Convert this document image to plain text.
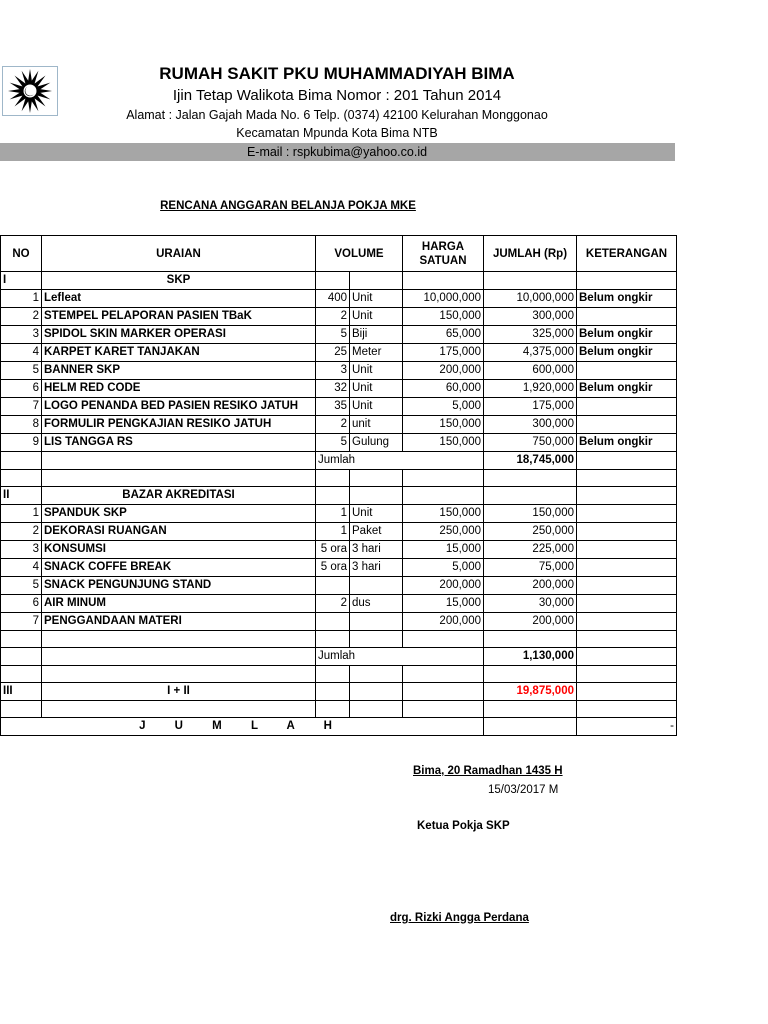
RUMAH SAKIT PKU MUHAMMADIYAH BIMA
Ijin Tetap Walikota Bima Nomor : 201 Tahun 2014
Alamat : Jalan Gajah Mada No. 6 Telp. (0374) 42100 Kelurahan Monggonao
Kecamatan Mpunda Kota Bima NTB
E-mail : rspkubima@yahoo.co.id
RENCANA ANGGARAN BELANJA POKJA MKE
NO	URAIAN	VOLUME		HARGA SATUAN	JUMLAH (Rp)	KETERANGAN
I	SKP					
1	Lefleat	400	Unit	10,000,000	10,000,000	Belum ongkir
2	STEMPEL PELAPORAN PASIEN TBaK	2	Unit	150,000	300,000	
3	SPIDOL SKIN MARKER OPERASI	5	Biji	65,000	325,000	Belum ongkir
4	KARPET KARET TANJAKAN	25	Meter	175,000	4,375,000	Belum ongkir
5	BANNER SKP	3	Unit	200,000	600,000	
6	HELM RED CODE	32	Unit	60,000	1,920,000	Belum ongkir
7	LOGO PENANDA BED PASIEN RESIKO JATUH	35	Unit	5,000	175,000	
8	FORMULIR PENGKAJIAN RESIKO JATUH	2	unit	150,000	300,000	
9	LIS TANGGA RS	5	Gulung	150,000	750,000	Belum ongkir
		Jumlah			18,745,000	

II	BAZAR AKREDITASI					
1	SPANDUK SKP	1	Unit	150,000	150,000	
2	DEKORASI RUANGAN	1	Paket	250,000	250,000	
3	KONSUMSI	5 ora	3 hari	15,000	225,000	
4	SNACK COFFE BREAK	5 ora	3 hari	5,000	75,000	
5	SNACK PENGUNJUNG STAND			200,000	200,000	
6	AIR MINUM	2	dus	15,000	30,000	
7	PENGGANDAAN MATERI			200,000	200,000	

		Jumlah			1,130,000	

III	I + II				19,875,000	

J U M L A H						-
Bima, 20 Ramadhan 1435 H
15/03/2017 M
Ketua Pokja SKP
drg. Rizki Angga Perdana
